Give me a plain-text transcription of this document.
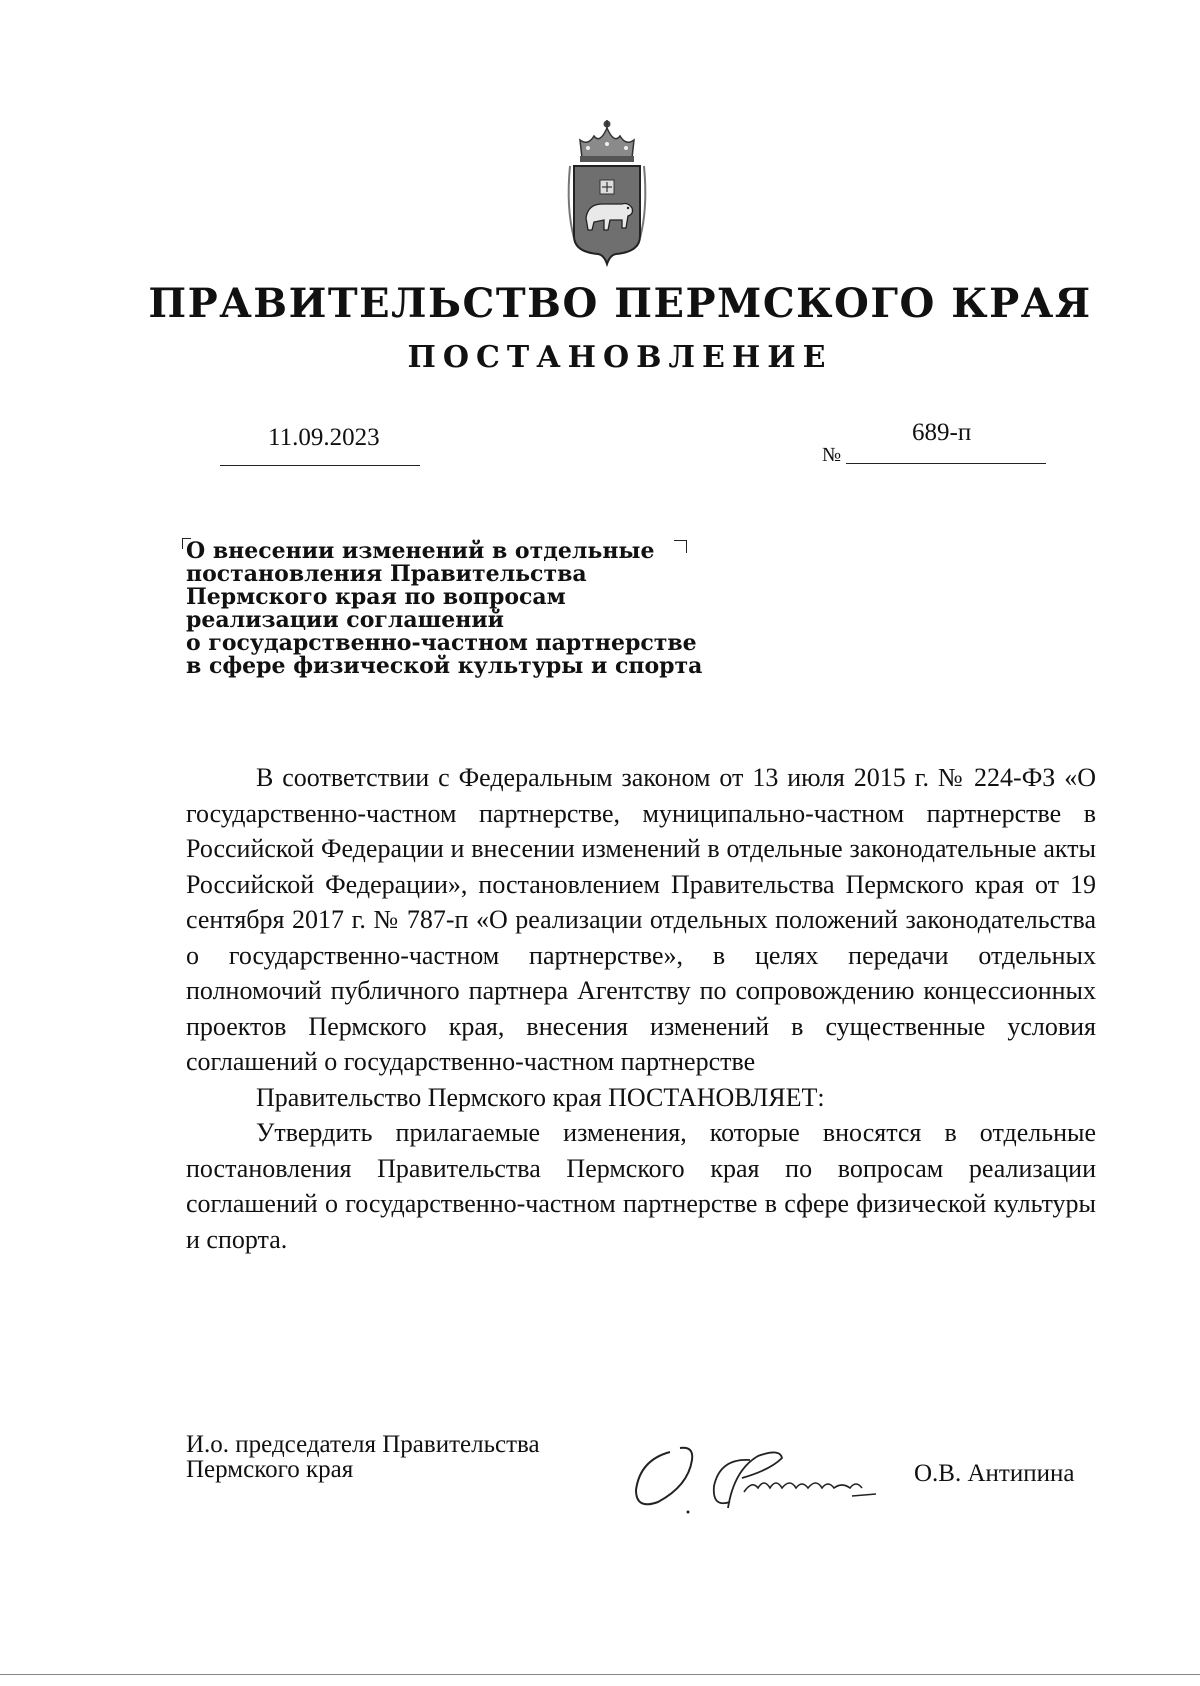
ПРАВИТЕЛЬСТВО ПЕРМСКОГО КРАЯ
ПОСТАНОВЛЕНИЕ
11.09.2023	689-п
№
О внесении изменений в отдельные
постановления Правительства
Пермского края по вопросам
реализации соглашений
о государственно-частном партнерстве
в сфере физической культуры и спорта

В соответствии с Федеральным законом от 13 июля 2015 г. № 224-ФЗ «О государственно-частном партнерстве, муниципально-частном партнерстве в Российской Федерации и внесении изменений в отдельные законодательные акты Российской Федерации», постановлением Правительства Пермского края от 19 сентября 2017 г. № 787-п «О реализации отдельных положений законодательства о государственно-частном партнерстве», в целях передачи отдельных полномочий публичного партнера Агентству по сопровождению концессионных проектов Пермского края, внесения изменений в существенные условия соглашений о государственно-частном партнерстве

Правительство Пермского края ПОСТАНОВЛЯЕТ:

Утвердить прилагаемые изменения, которые вносятся в отдельные постановления Правительства Пермского края по вопросам реализации соглашений о государственно-частном партнерстве в сфере физической культуры и спорта.

И.о. председателя Правительства
Пермского края	О.В. Антипина
